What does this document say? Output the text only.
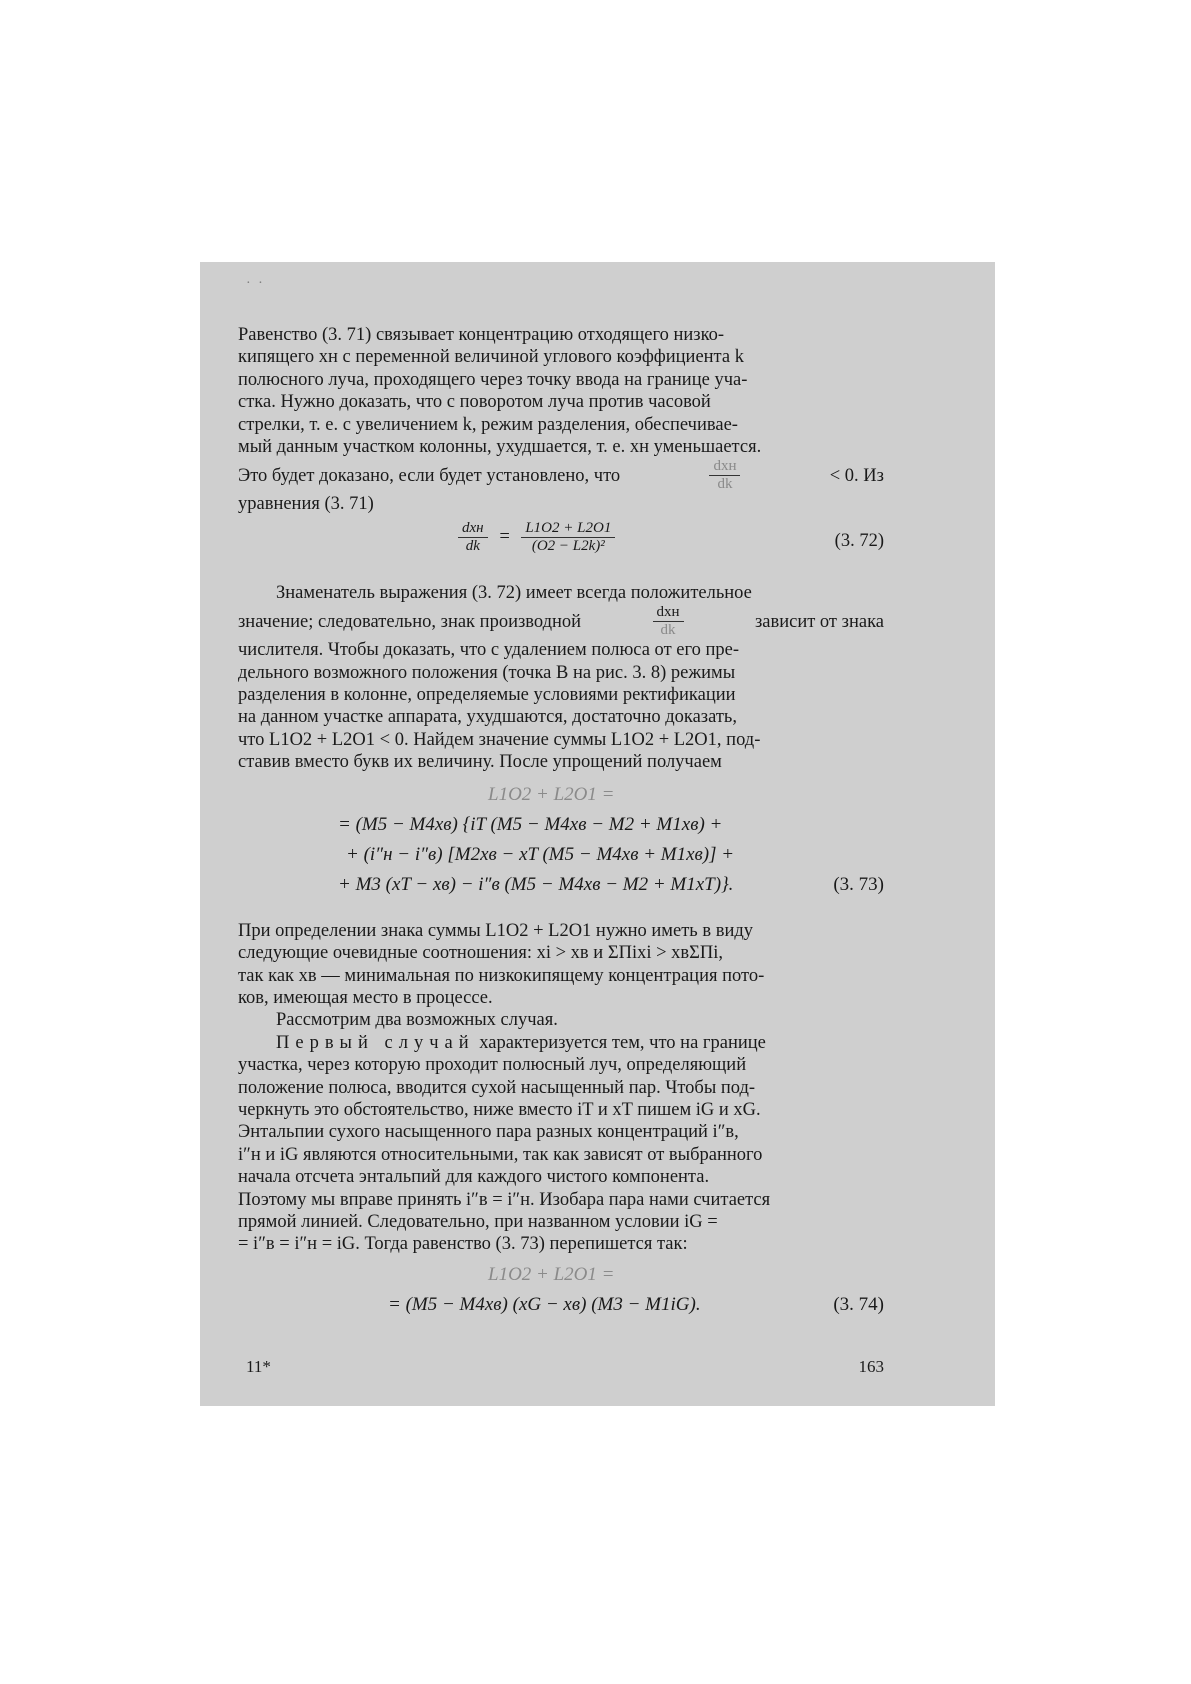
· ·
Равенство (3. 71) связывает концентрацию отходящего низко-
кипящего xн с переменной величиной углового коэффициента k
полюсного луча, проходящего через точку ввода на границе уча-
стка. Нужно доказать, что с поворотом луча против часовой
стрелки, т. е. с увеличением k, режим разделения, обеспечивае-
мый данным участком колонны, ухудшается, т. е. xн уменьшается.
Это будет доказано, если будет установлено, что	$\frac{\text{dxн}}{dk}$	< 0. Из
уравнения (3. 71)
$\frac{\text{dxн}}{dk} = \frac{L1O2 + L2O1}{\text{(O2 − L2k)²}}$	(3. 72)
Знаменатель выражения (3. 72) имеет всегда положительное
значение; следовательно, знак производной	$\frac{\text{dxн}}{dk}$	зависит от знака
числителя. Чтобы доказать, что с удалением полюса от его пре-
дельного возможного положения (точка B на рис. 3. 8) режимы
разделения в колонне, определяемые условиями ректификации
на данном участке аппарата, ухудшаются, достаточно доказать,
что L1O2 + L2O1 < 0. Найдем значение суммы L1O2 + L2O1, под-
ставив вместо букв их величину. После упрощений получаем
L1O2 + L2O1 =
= (M5 − M4xв) {iT (M5 − M4xв − M2 + M1xв) +
+ (i″н − i″в) [M2xв − xT (M5 − M4xв + M1xв)] +
+ M3 (xT − xв) − i″в (M5 − M4xв − M2 + M1xT)}.	(3. 73)
При определении знака суммы L1O2 + L2O1 нужно иметь в виду
следующие очевидные соотношения: xi > xв и ΣΠixi > xвΣΠi,
так как xв — минимальная по низкокипящему концентрация пото-
ков, имеющая место в процессе.
Рассмотрим два возможных случая.
Первый случай характеризуется тем, что на границе
участка, через которую проходит полюсный луч, определяющий
положение полюса, вводится сухой насыщенный пар. Чтобы под-
черкнуть это обстоятельство, ниже вместо iT и xT пишем iG и xG.
Энтальпии сухого насыщенного пара разных концентраций i″в,
i″н и iG являются относительными, так как зависят от выбранного
начала отсчета энтальпий для каждого чистого компонента.
Поэтому мы вправе принять i″в = i″н. Изобара пара нами считается
прямой линией. Следовательно, при названном условии iG =
= i″в = i″н = iG. Тогда равенство (3. 73) перепишется так:
L1O2 + L2O1 =
= (M5 − M4xв) (xG − xв) (M3 − M1iG).	(3. 74)
11*	163
